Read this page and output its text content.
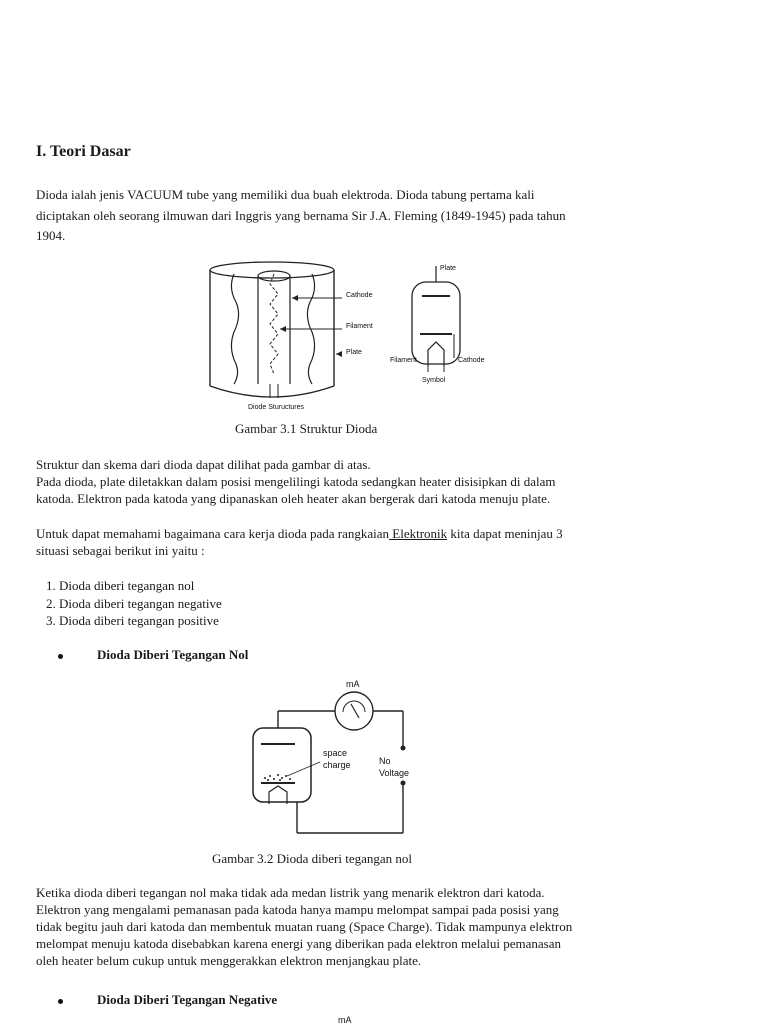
I. Teori Dasar
Dioda ialah jenis VACUUM tube yang memiliki dua buah elektroda. Dioda tabung pertama kali
diciptakan oleh seorang ilmuwan dari Inggris yang bernama Sir J.A. Fleming (1849-1945) pada tahun
1904.
Cathode
Filament
Plate
Diode Stuructures
Plate
Filament	Cathode
Symbol
Gambar 3.1 Struktur Dioda
Struktur dan skema dari dioda dapat dilihat pada gambar di atas.
Pada dioda, plate diletakkan dalam posisi mengelilingi katoda sedangkan heater disisipkan di dalam
katoda. Elektron pada katoda yang dipanaskan oleh heater akan bergerak dari katoda menuju plate.
Untuk dapat memahami bagaimana cara kerja dioda pada rangkaian Elektronik kita dapat meninjau 3
situasi sebagai berikut ini yaitu :
1. Dioda diberi tegangan nol
2. Dioda diberi tegangan negative
3. Dioda diberi tegangan positive
Dioda Diberi Tegangan Nol
mA
space
charge	No
Voltage
Gambar 3.2 Dioda diberi tegangan nol
Ketika dioda diberi tegangan nol maka tidak ada medan listrik yang menarik elektron dari katoda.
Elektron yang mengalami pemanasan pada katoda hanya mampu melompat sampai pada posisi yang
tidak begitu jauh dari katoda dan membentuk muatan ruang (Space Charge). Tidak mampunya elektron
melompat menuju katoda disebabkan karena energi yang diberikan pada elektron melalui pemanasan
oleh heater belum cukup untuk menggerakkan elektron menjangkau plate.
Dioda Diberi Tegangan Negative
mA
